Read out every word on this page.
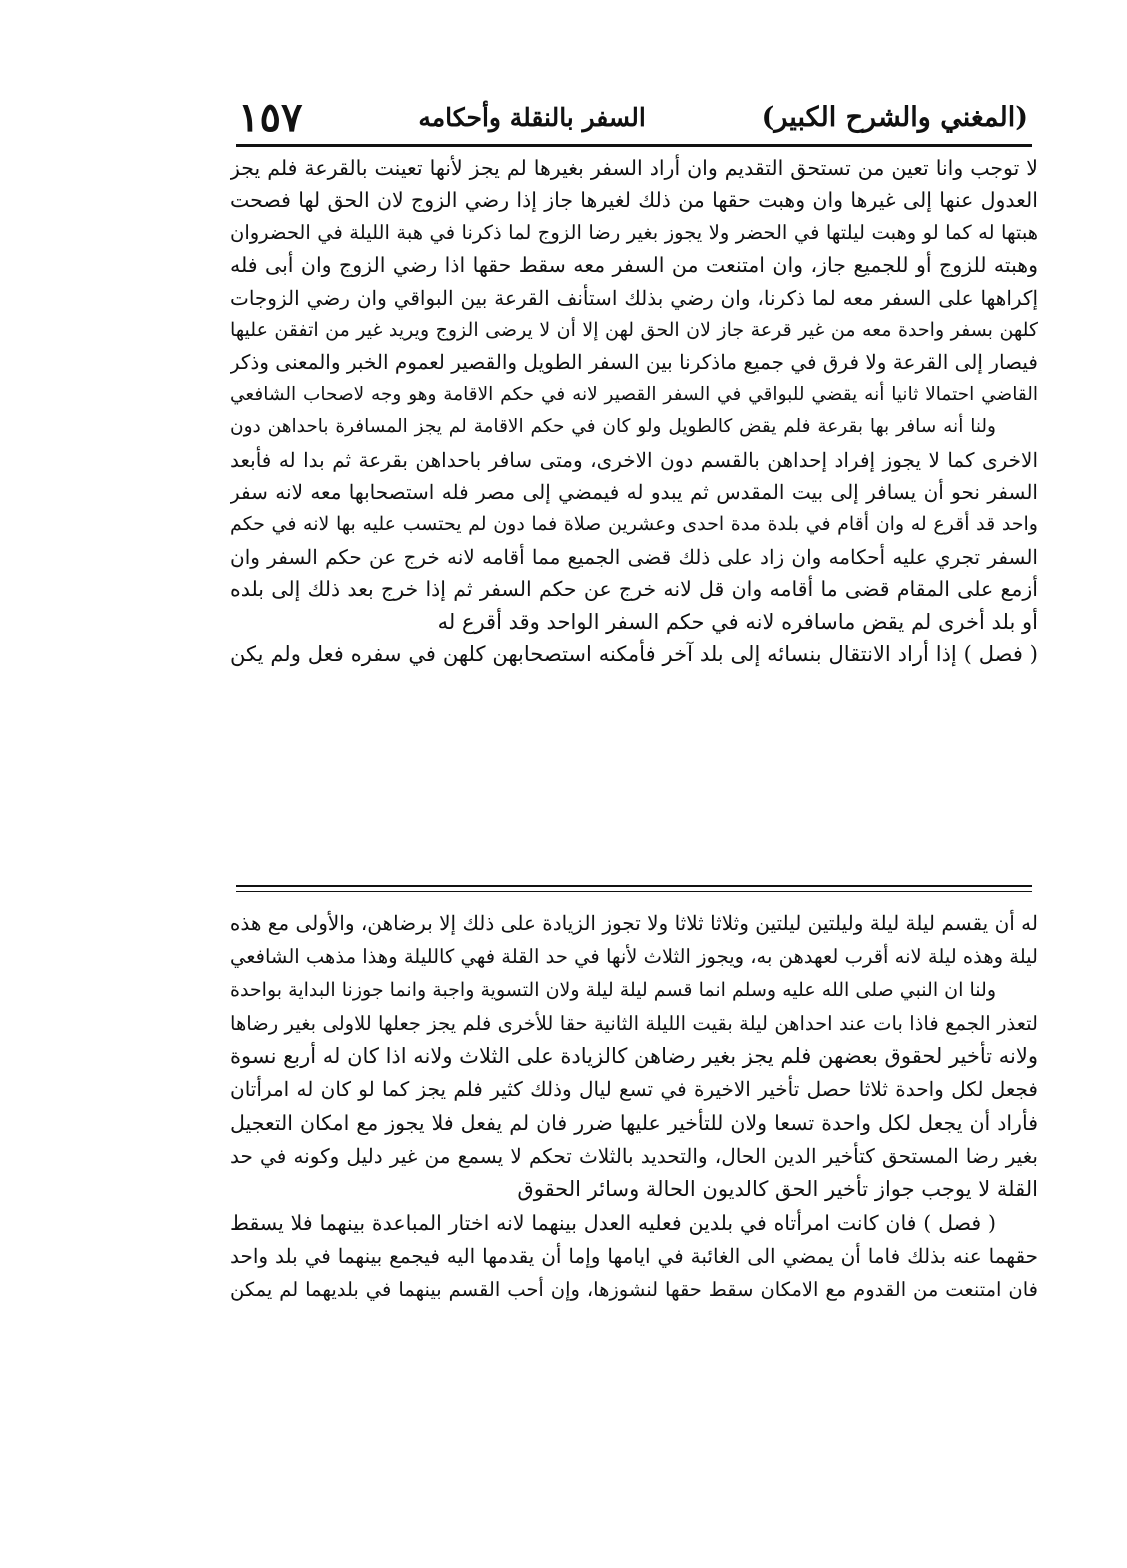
(المغني والشرح الكبير)
السفر بالنقلة وأحكامه
١٥٧
لا توجب وانا تعين من تستحق التقديم وان أراد السفر بغيرها لم يجز لأنها تعينت بالقرعة فلم يجز
العدول عنها إلى غيرها وان وهبت حقها من ذلك لغيرها جاز إذا رضي الزوج لان الحق لها فصحت
هبتها له كما لو وهبت ليلتها في الحضر ولا يجوز بغير رضا الزوج لما ذكرنا في هبة الليلة في الحضروان
وهبته للزوج أو للجميع جاز، وان امتنعت من السفر معه سقط حقها اذا رضي الزوج وان أبى فله
إكراهها على السفر معه لما ذكرنا، وان رضي بذلك استأنف القرعة بين البواقي وان رضي الزوجات
كلهن بسفر واحدة معه من غير قرعة جاز لان الحق لهن إلا أن لا يرضى الزوج ويريد غير من اتفقن عليها
فيصار إلى القرعة ولا فرق في جميع ماذكرنا بين السفر الطويل والقصير لعموم الخبر والمعنى وذكر
القاضي احتمالا ثانيا أنه يقضي للبواقي في السفر القصير لانه في حكم الاقامة وهو وجه لاصحاب الشافعي
ولنا أنه سافر بها بقرعة فلم يقض كالطويل ولو كان في حكم الاقامة لم يجز المسافرة باحداهن دون
الاخرى كما لا يجوز إفراد إحداهن بالقسم دون الاخرى، ومتى سافر باحداهن بقرعة ثم بدا له فأبعد
السفر نحو أن يسافر إلى بيت المقدس ثم يبدو له فيمضي إلى مصر فله استصحابها معه لانه سفر
واحد قد أقرع له وان أقام في بلدة مدة احدى وعشرين صلاة فما دون لم يحتسب عليه بها لانه في حكم
السفر تجري عليه أحكامه وان زاد على ذلك قضى الجميع مما أقامه لانه خرج عن حكم السفر وان
أزمع على المقام قضى ما أقامه وان قل لانه خرج عن حكم السفر ثم إذا خرج بعد ذلك إلى بلده
أو بلد أخرى لم يقض ماسافره لانه في حكم السفر الواحد وقد أقرع له
( فصل ) إذا أراد الانتقال بنسائه إلى بلد آخر فأمكنه استصحابهن كلهن في سفره فعل ولم يكن
له أن يقسم ليلة ليلة وليلتين ليلتين وثلاثا ثلاثا ولا تجوز الزيادة على ذلك إلا برضاهن، والأولى مع هذه
ليلة وهذه ليلة لانه أقرب لعهدهن به، ويجوز الثلاث لأنها في حد القلة فهي كالليلة وهذا مذهب الشافعي
ولنا ان النبي صلى الله عليه وسلم انما قسم ليلة ليلة ولان التسوية واجبة وانما جوزنا البداية بواحدة
لتعذر الجمع فاذا بات عند احداهن ليلة بقيت الليلة الثانية حقا للأخرى فلم يجز جعلها للاولى بغير رضاها
ولانه تأخير لحقوق بعضهن فلم يجز بغير رضاهن كالزيادة على الثلاث ولانه اذا كان له أربع نسوة
فجعل لكل واحدة ثلاثا حصل تأخير الاخيرة في تسع ليال وذلك كثير فلم يجز كما لو كان له امرأتان
فأراد أن يجعل لكل واحدة تسعا ولان للتأخير عليها ضرر فان لم يفعل فلا يجوز مع امكان التعجيل
بغير رضا المستحق كتأخير الدين الحال، والتحديد بالثلاث تحكم لا يسمع من غير دليل وكونه في حد
القلة لا يوجب جواز تأخير الحق كالديون الحالة وسائر الحقوق
( فصل ) فان كانت امرأتاه في بلدين فعليه العدل بينهما لانه اختار المباعدة بينهما فلا يسقط
حقهما عنه بذلك فاما أن يمضي الى الغائبة في ايامها وإما أن يقدمها اليه فيجمع بينهما في بلد واحد
فان امتنعت من القدوم مع الامكان سقط حقها لنشوزها، وإن أحب القسم بينهما في بلديهما لم يمكن
